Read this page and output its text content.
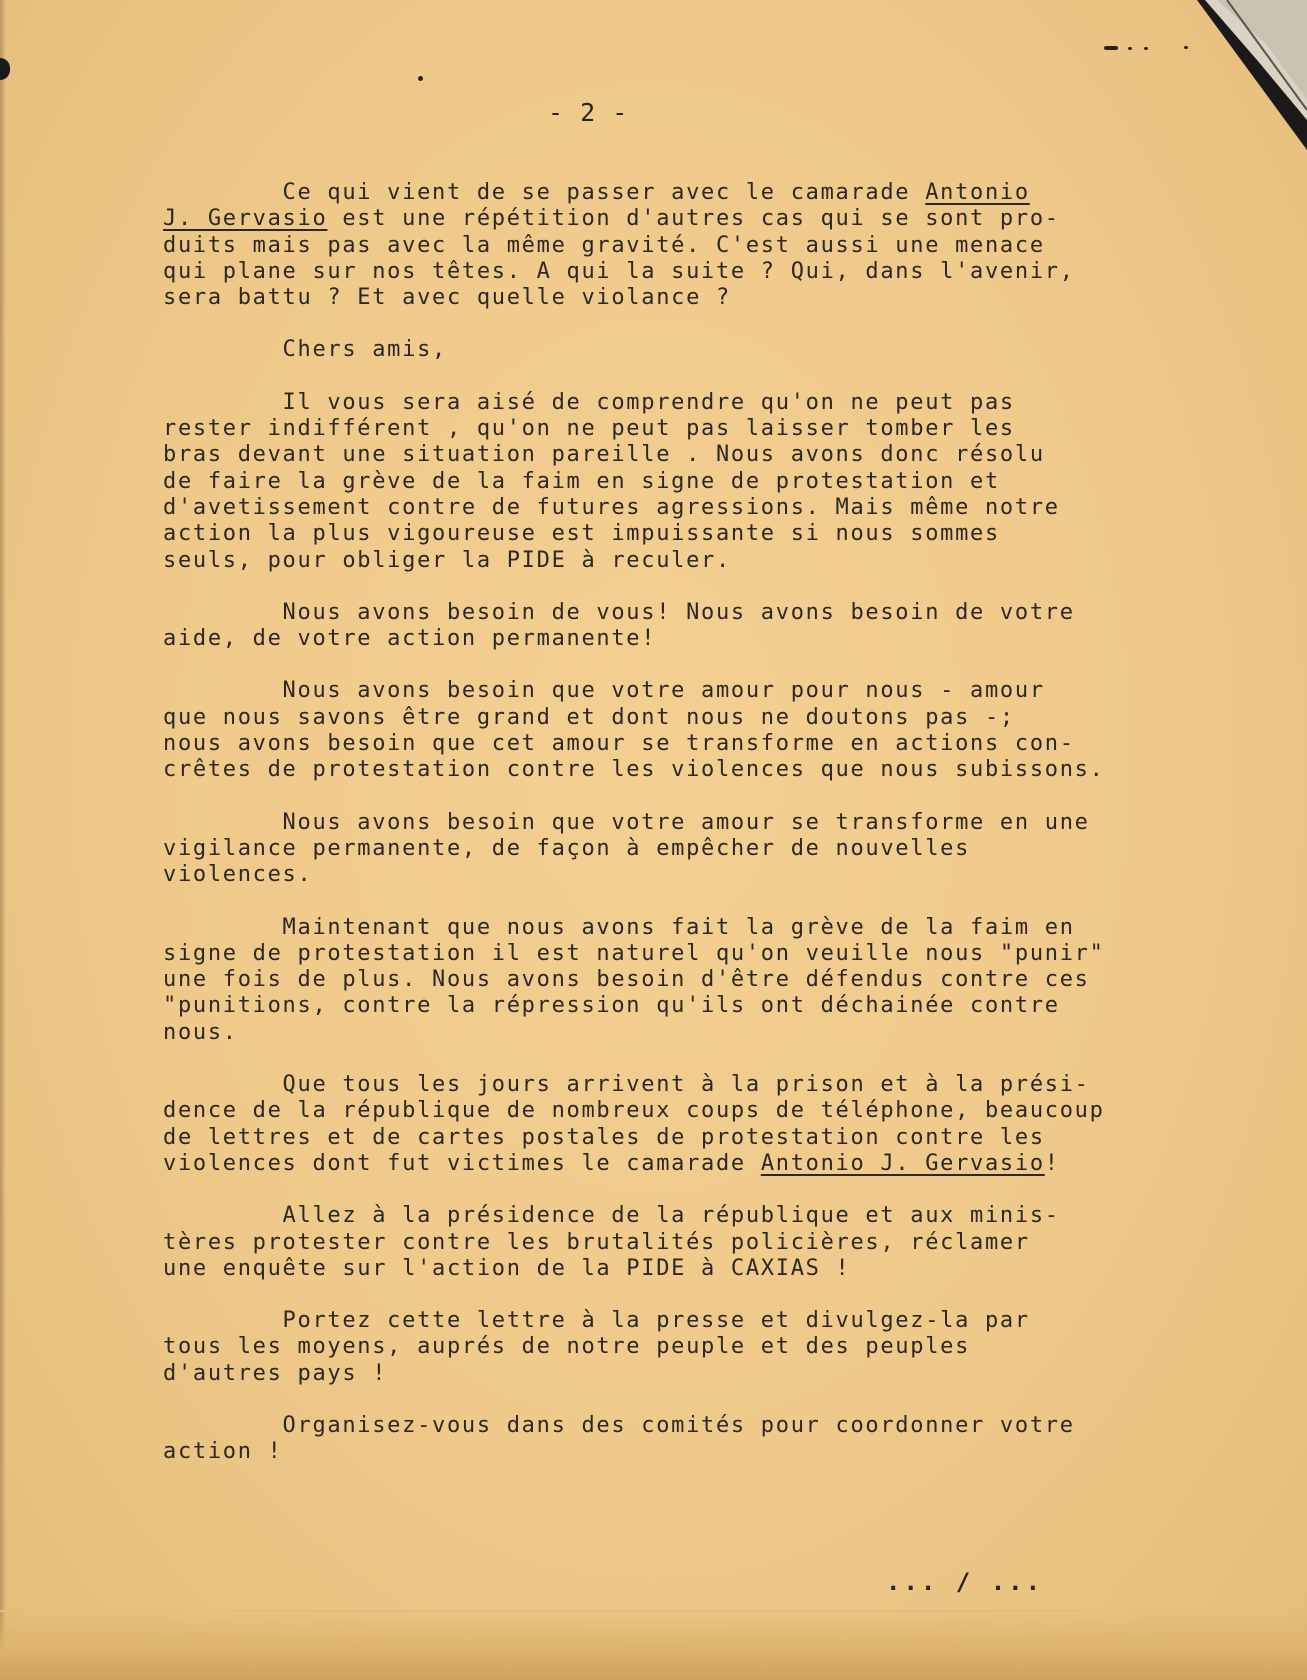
- 2 -
Ce qui vient de se passer avec le camarade Antonio
J. Gervasio est une répétition d'autres cas qui se sont pro-
duits mais pas avec la même gravité. C'est aussi une menace
qui plane sur nos têtes. A qui la suite ? Qui, dans l'avenir,
sera battu ? Et avec quelle violance ?
Chers amis,
Il vous sera aisé de comprendre qu'on ne peut pas
rester indifférent , qu'on ne peut pas laisser tomber les
bras devant une situation pareille . Nous avons donc résolu
de faire la grève de la faim en signe de protestation et
d'avetissement contre de futures agressions. Mais même notre
action la plus vigoureuse est impuissante si nous sommes
seuls, pour obliger la PIDE à reculer.
Nous avons besoin de vous! Nous avons besoin de votre
aide, de votre action permanente!
Nous avons besoin que votre amour pour nous - amour
que nous savons être grand et dont nous ne doutons pas -;
nous avons besoin que cet amour se transforme en actions con-
crêtes de protestation contre les violences que nous subissons.
Nous avons besoin que votre amour se transforme en une
vigilance permanente, de façon à empêcher de nouvelles
violences.
Maintenant que nous avons fait la grève de la faim en
signe de protestation il est naturel qu'on veuille nous "punir"
une fois de plus. Nous avons besoin d'être défendus contre ces
"punitions, contre la répression qu'ils ont déchainée contre
nous.
Que tous les jours arrivent à la prison et à la prési-
dence de la république de nombreux coups de téléphone, beaucoup
de lettres et de cartes postales de protestation contre les
violences dont fut victimes le camarade Antonio J. Gervasio!
Allez à la présidence de la république et aux minis-
tères protester contre les brutalités policières, réclamer
une enquête sur l'action de la PIDE à CAXIAS !
Portez cette lettre à la presse et divulgez-la par
tous les moyens, auprés de notre peuple et des peuples
d'autres pays !
Organisez-vous dans des comités pour coordonner votre
action !
... / ...
